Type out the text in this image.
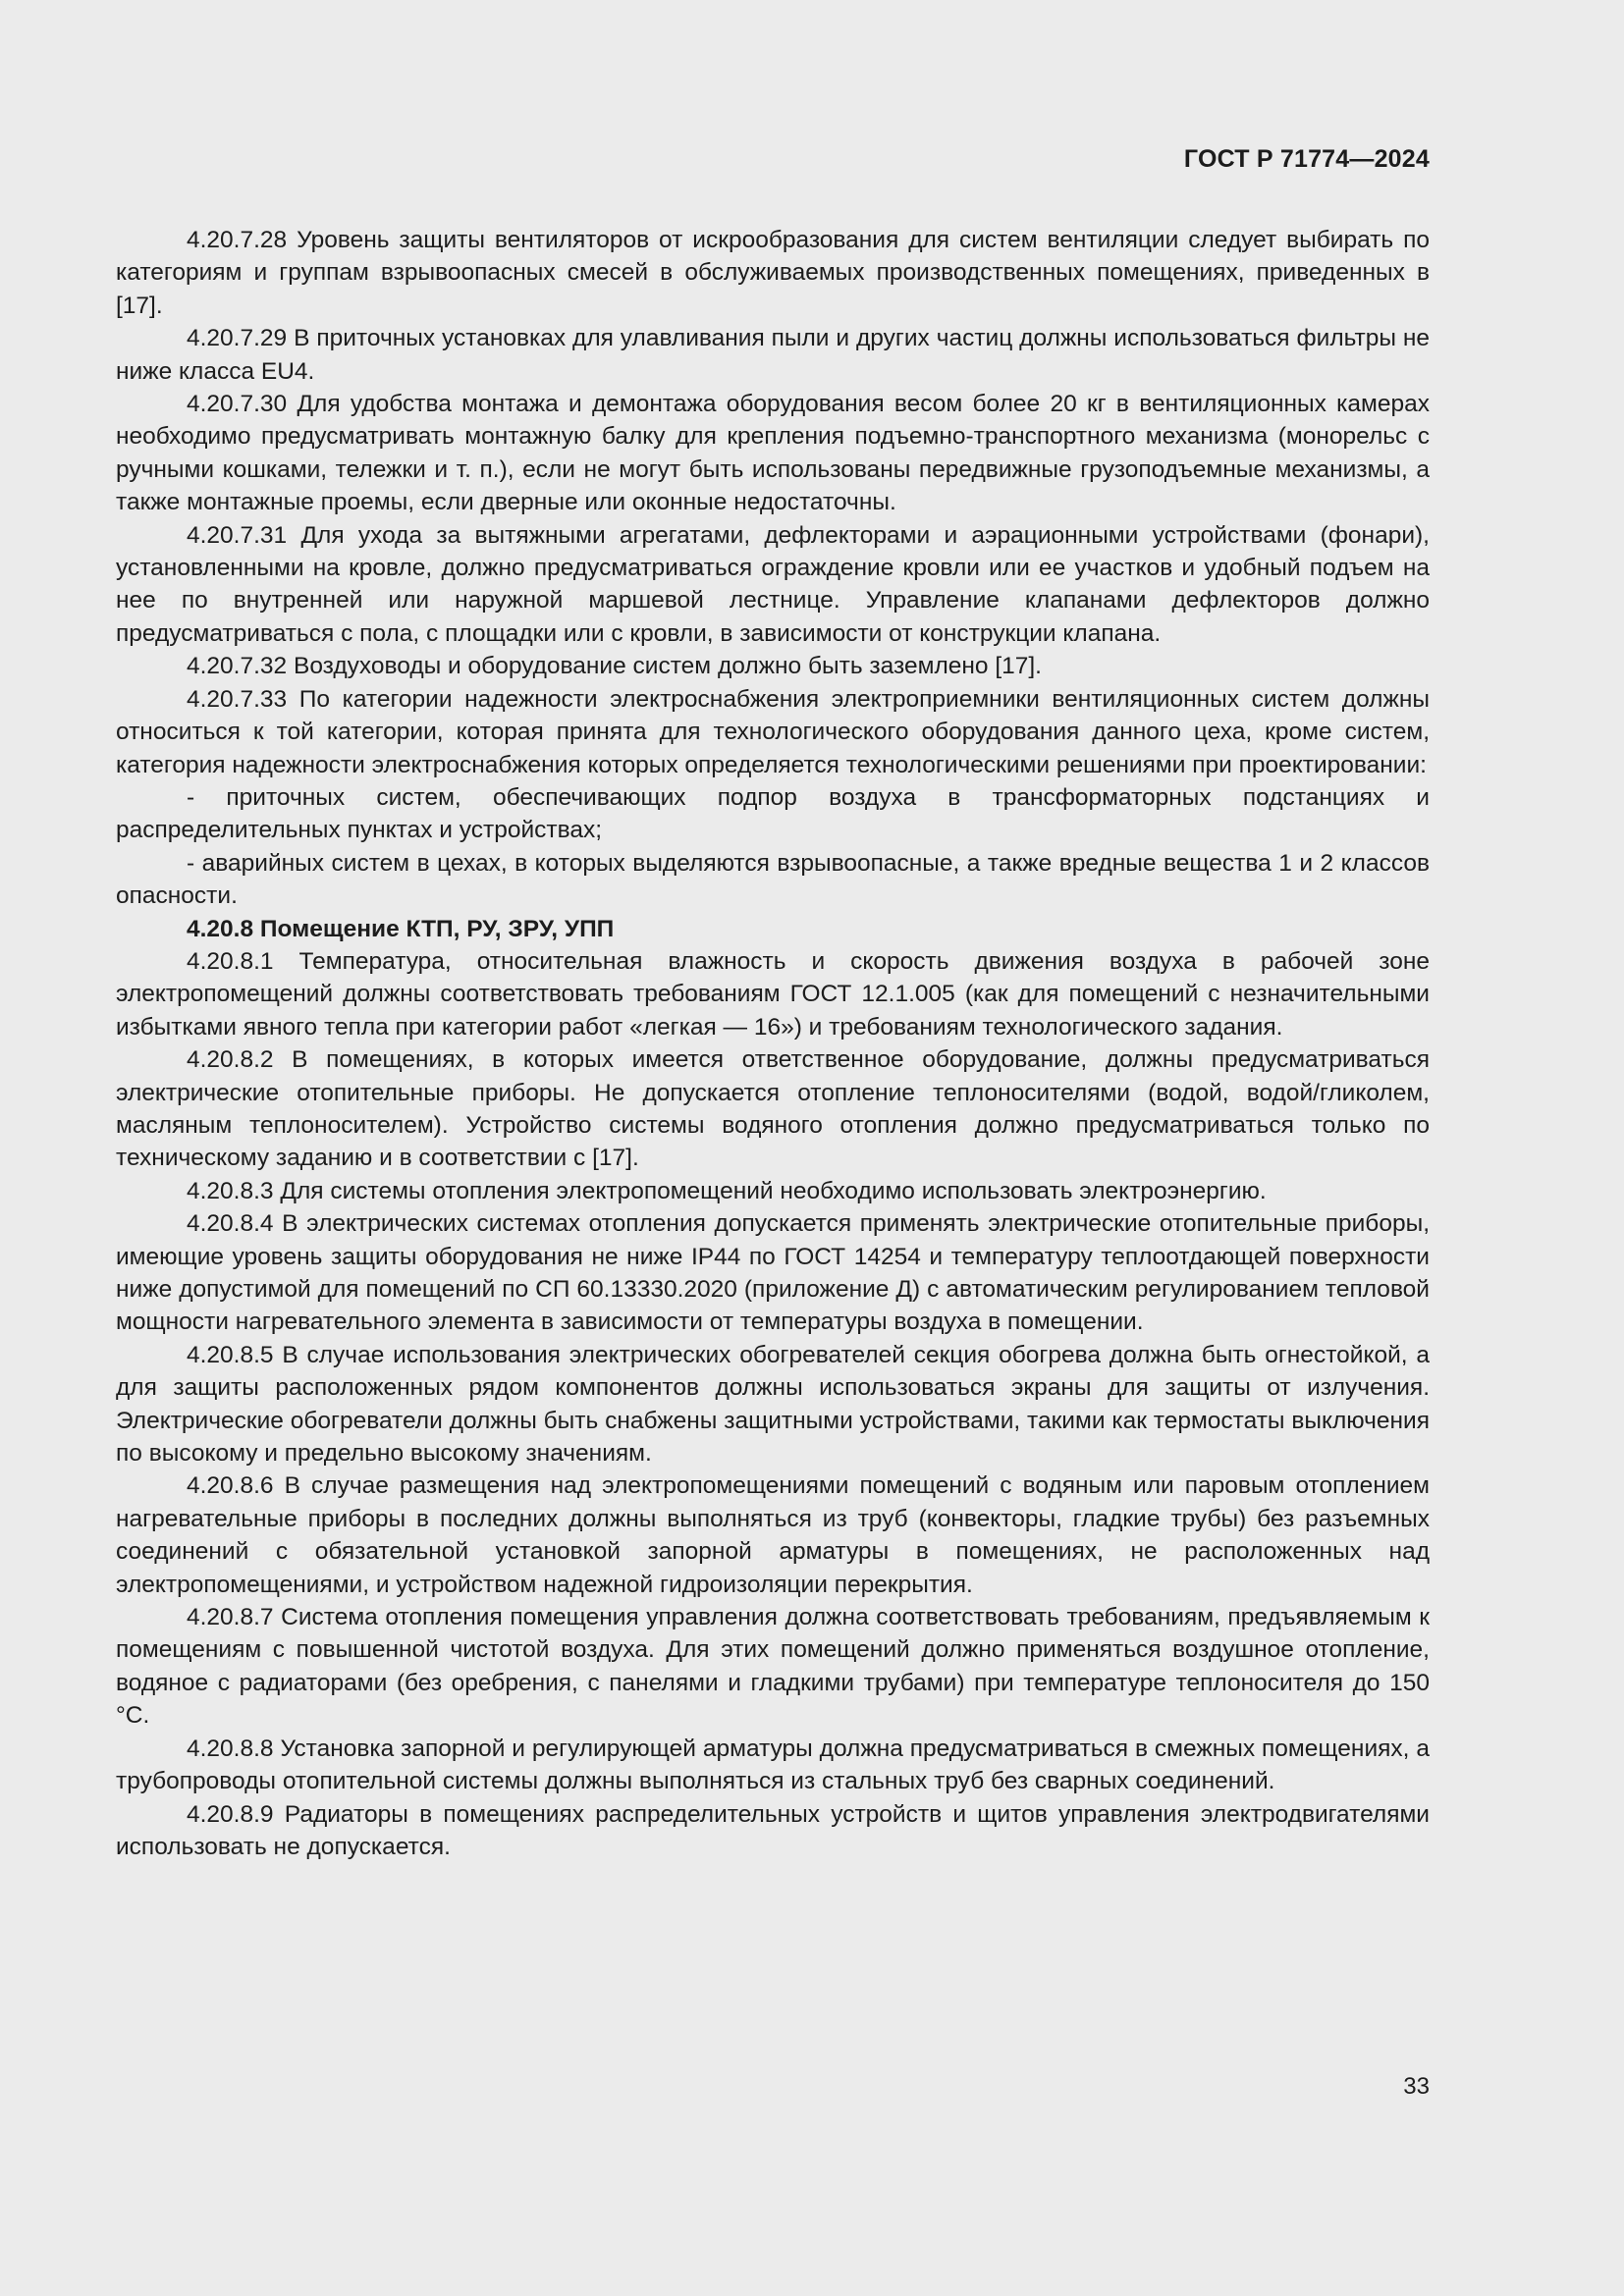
ГОСТ Р 71774—2024

4.20.7.28 Уровень защиты вентиляторов от искрообразования для систем вентиляции следует выбирать по категориям и группам взрывоопасных смесей в обслуживаемых производственных помещениях, приведенных в [17].

4.20.7.29 В приточных установках для улавливания пыли и других частиц должны использоваться фильтры не ниже класса EU4.

4.20.7.30 Для удобства монтажа и демонтажа оборудования весом более 20 кг в вентиляционных камерах необходимо предусматривать монтажную балку для крепления подъемно-транспортного механизма (монорельс с ручными кошками, тележки и т. п.), если не могут быть использованы передвижные грузоподъемные механизмы, а также монтажные проемы, если дверные или оконные недостаточны.

4.20.7.31 Для ухода за вытяжными агрегатами, дефлекторами и аэрационными устройствами (фонари), установленными на кровле, должно предусматриваться ограждение кровли или ее участков и удобный подъем на нее по внутренней или наружной маршевой лестнице. Управление клапанами дефлекторов должно предусматриваться с пола, с площадки или с кровли, в зависимости от конструкции клапана.

4.20.7.32 Воздуховоды и оборудование систем должно быть заземлено [17].

4.20.7.33 По категории надежности электроснабжения электроприемники вентиляционных систем должны относиться к той категории, которая принята для технологического оборудования данного цеха, кроме систем, категория надежности электроснабжения которых определяется технологическими решениями при проектировании:

- приточных систем, обеспечивающих подпор воздуха в трансформаторных подстанциях и распределительных пунктах и устройствах;

- аварийных систем в цехах, в которых выделяются взрывоопасные, а также вредные вещества 1 и 2 классов опасности.

4.20.8 Помещение КТП, РУ, ЗРУ, УПП

4.20.8.1 Температура, относительная влажность и скорость движения воздуха в рабочей зоне электропомещений должны соответствовать требованиям ГОСТ 12.1.005 (как для помещений с незначительными избытками явного тепла при категории работ «легкая — 16») и требованиям технологического задания.

4.20.8.2 В помещениях, в которых имеется ответственное оборудование, должны предусматриваться электрические отопительные приборы. Не допускается отопление теплоносителями (водой, водой/гликолем, масляным теплоносителем). Устройство системы водяного отопления должно предусматриваться только по техническому заданию и в соответствии с [17].

4.20.8.3 Для системы отопления электропомещений необходимо использовать электроэнергию.

4.20.8.4 В электрических системах отопления допускается применять электрические отопительные приборы, имеющие уровень защиты оборудования не ниже IP44 по ГОСТ 14254 и температуру теплоотдающей поверхности ниже допустимой для помещений по СП 60.13330.2020 (приложение Д) с автоматическим регулированием тепловой мощности нагревательного элемента в зависимости от температуры воздуха в помещении.

4.20.8.5 В случае использования электрических обогревателей секция обогрева должна быть огнестойкой, а для защиты расположенных рядом компонентов должны использоваться экраны для защиты от излучения. Электрические обогреватели должны быть снабжены защитными устройствами, такими как термостаты выключения по высокому и предельно высокому значениям.

4.20.8.6 В случае размещения над электропомещениями помещений с водяным или паровым отоплением нагревательные приборы в последних должны выполняться из труб (конвекторы, гладкие трубы) без разъемных соединений с обязательной установкой запорной арматуры в помещениях, не расположенных над электропомещениями, и устройством надежной гидроизоляции перекрытия.

4.20.8.7 Система отопления помещения управления должна соответствовать требованиям, предъявляемым к помещениям с повышенной чистотой воздуха. Для этих помещений должно применяться воздушное отопление, водяное с радиаторами (без оребрения, с панелями и гладкими трубами) при температуре теплоносителя до 150 °С.

4.20.8.8 Установка запорной и регулирующей арматуры должна предусматриваться в смежных помещениях, а трубопроводы отопительной системы должны выполняться из стальных труб без сварных соединений.

4.20.8.9 Радиаторы в помещениях распределительных устройств и щитов управления электродвигателями использовать не допускается.

33
